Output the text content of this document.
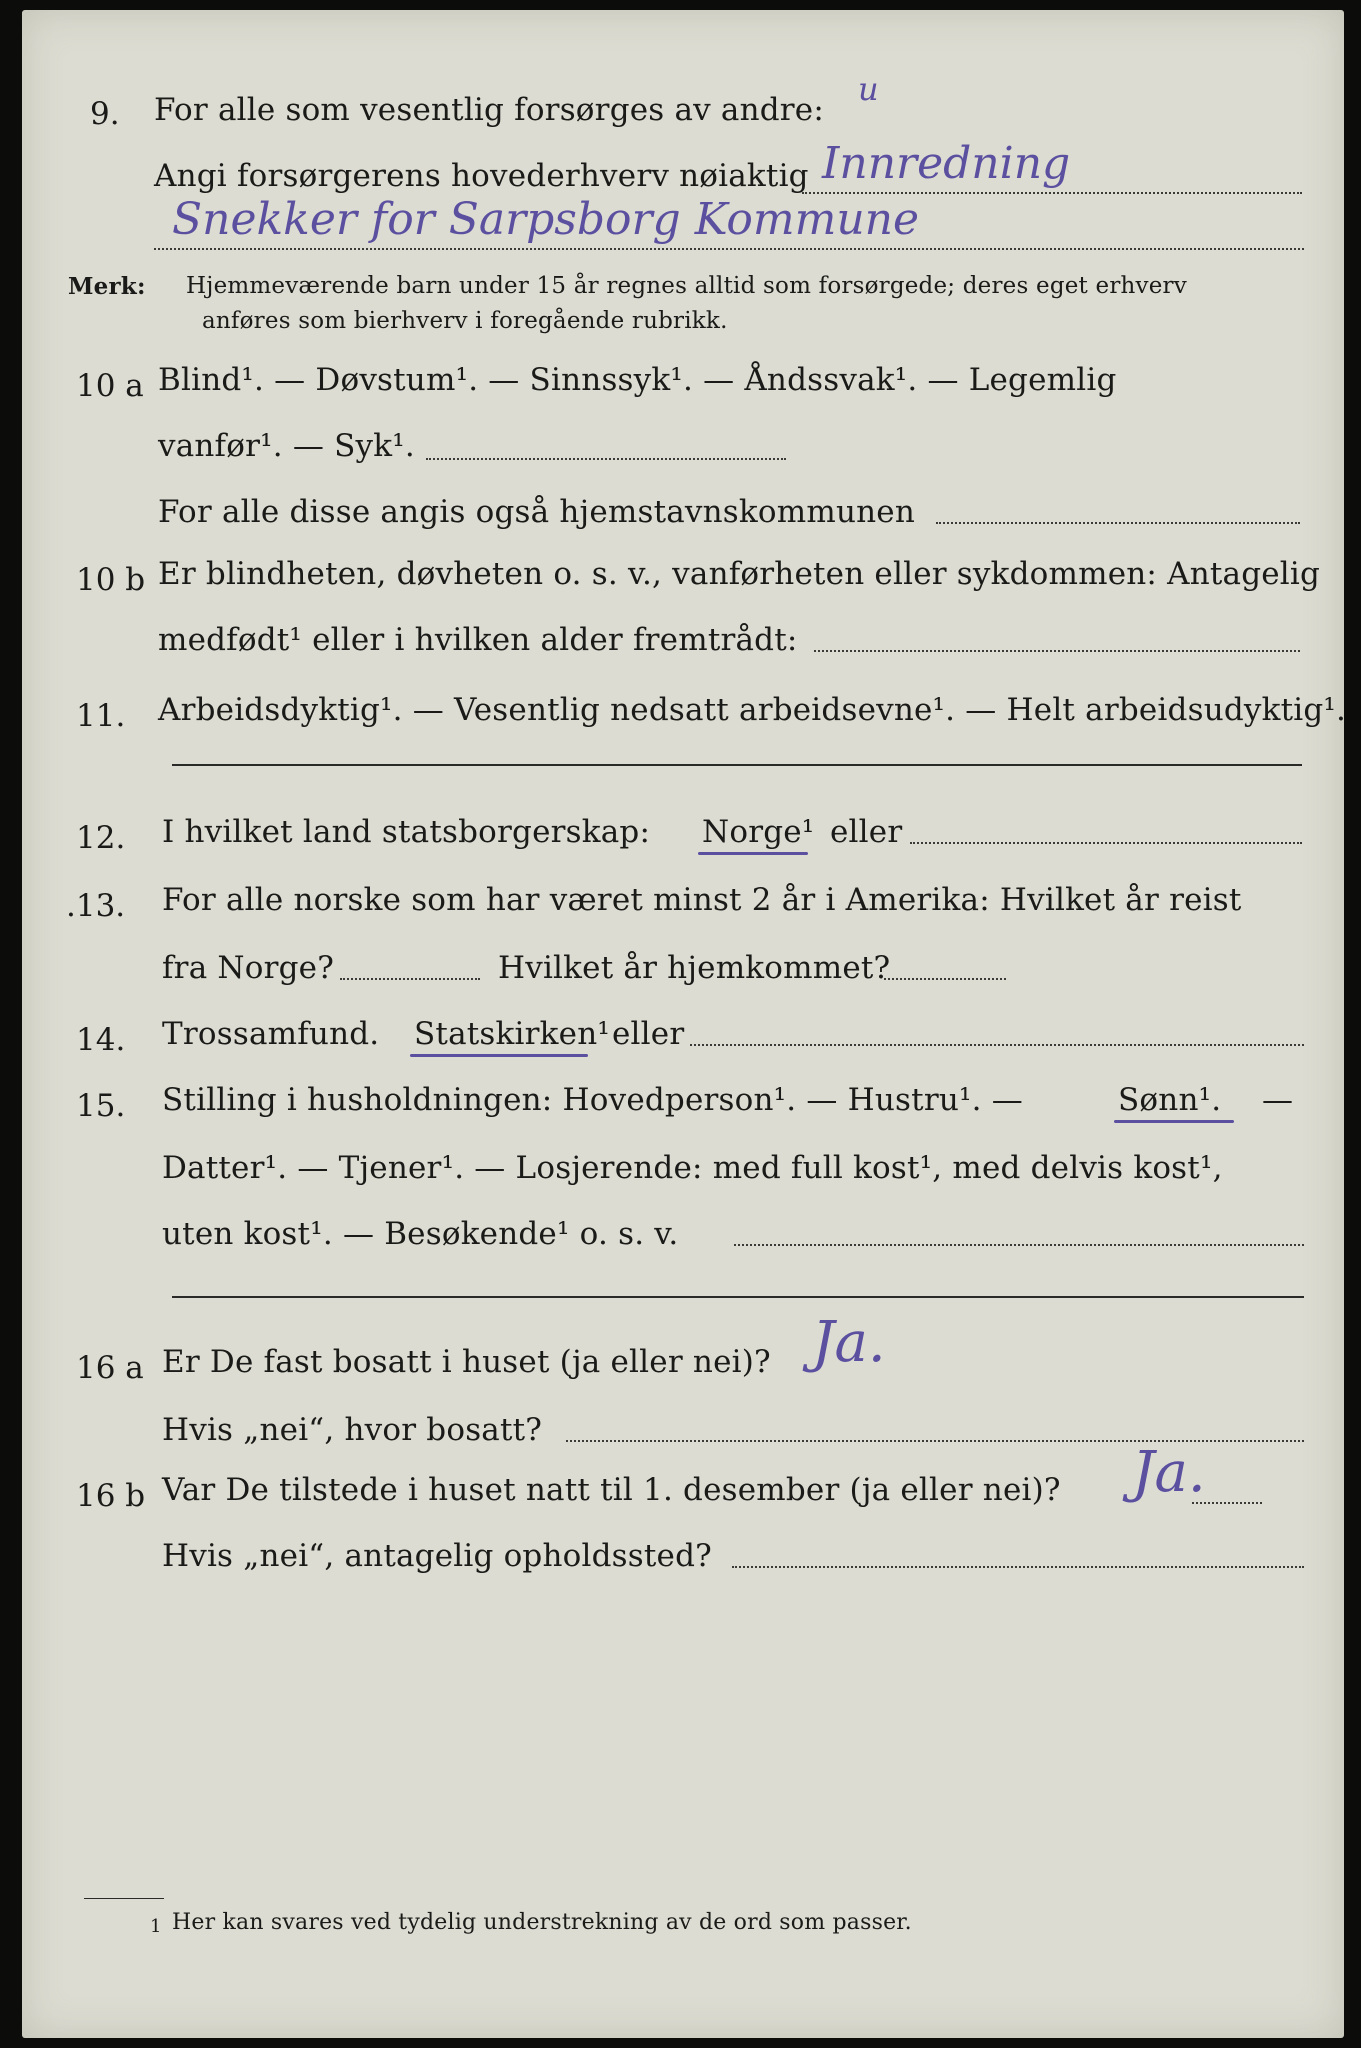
9. For alle som vesentlig forsørges av andre:
u
Angi forsørgerens hovederhverv nøiaktig Innredning
Snekker for Sarpsborg Kommune
Merk: Hjemmeværende barn under 15 år regnes alltid som forsørgede; deres eget erhverv
anføres som bierhverv i foregående rubrikk.
10 a Blind¹. — Døvstum¹. — Sinnssyk¹. — Åndssvak¹. — Legemlig
vanfør¹. — Syk¹.
For alle disse angis også hjemstavnskommunen
10 b Er blindheten, døvheten o. s. v., vanførheten eller sykdommen: Antagelig
medfødt¹ eller i hvilken alder fremtrådt:
11. Arbeidsdyktig¹. — Vesentlig nedsatt arbeidsevne¹. — Helt arbeidsudyktig¹.
12. I hvilket land statsborgerskap: Norge¹ eller
.13. For alle norske som har været minst 2 år i Amerika: Hvilket år reist
fra Norge?	Hvilket år hjemkommet?
14. Trossamfund. Statskirken¹ eller
15. Stilling i husholdningen: Hovedperson¹. — Hustru¹. —	Sønn¹. —
Datter¹. — Tjener¹. — Losjerende: med full kost¹, med delvis kost¹,
uten kost¹. — Besøkende¹ o. s. v.
16 a Er De fast bosatt i huset (ja eller nei)? Ja.
Hvis „nei“, hvor bosatt?
16 b Var De tilstede i huset natt til 1. desember (ja eller nei)? Ja.
Hvis „nei“, antagelig opholdssted?
1 Her kan svares ved tydelig understrekning av de ord som passer.
